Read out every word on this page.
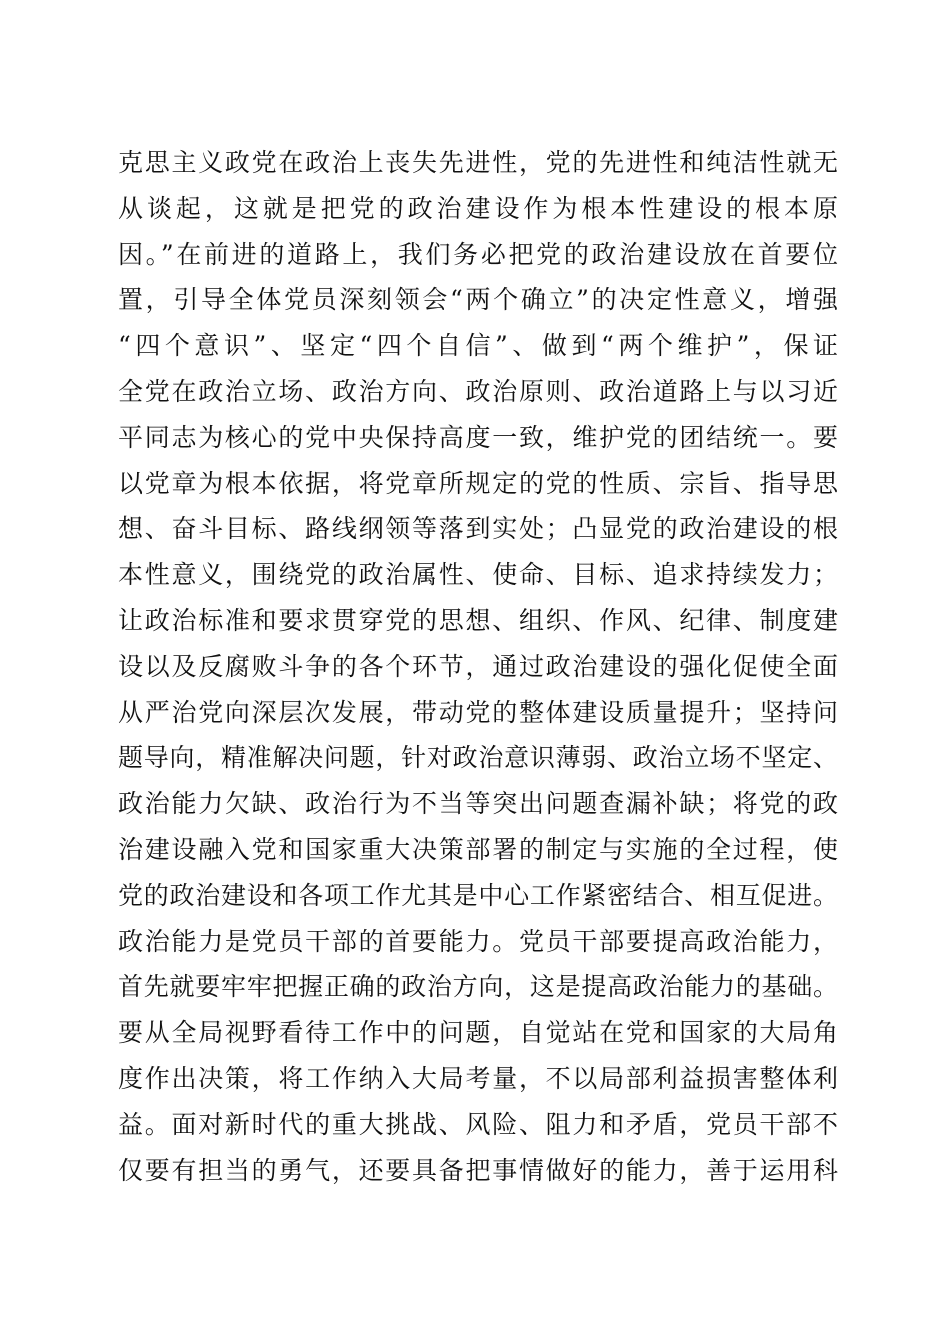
克思主义政党在政治上丧失先进性，党的先进性和纯洁性就无
从谈起，这就是把党的政治建设作为根本性建设的根本原
因。”在前进的道路上，我们务必把党的政治建设放在首要位
置，引导全体党员深刻领会“两个确立”的决定性意义，增强
“四个意识”、坚定“四个自信”、做到“两个维护”，保证
全党在政治立场、政治方向、政治原则、政治道路上与以习近
平同志为核心的党中央保持高度一致，维护党的团结统一。要
以党章为根本依据，将党章所规定的党的性质、宗旨、指导思
想、奋斗目标、路线纲领等落到实处；凸显党的政治建设的根
本性意义，围绕党的政治属性、使命、目标、追求持续发力；
让政治标准和要求贯穿党的思想、组织、作风、纪律、制度建
设以及反腐败斗争的各个环节，通过政治建设的强化促使全面
从严治党向深层次发展，带动党的整体建设质量提升；坚持问
题导向，精准解决问题，针对政治意识薄弱、政治立场不坚定、
政治能力欠缺、政治行为不当等突出问题查漏补缺；将党的政
治建设融入党和国家重大决策部署的制定与实施的全过程，使
党的政治建设和各项工作尤其是中心工作紧密结合、相互促进。
政治能力是党员干部的首要能力。党员干部要提高政治能力，
首先就要牢牢把握正确的政治方向，这是提高政治能力的基础。
要从全局视野看待工作中的问题，自觉站在党和国家的大局角
度作出决策，将工作纳入大局考量，不以局部利益损害整体利
益。面对新时代的重大挑战、风险、阻力和矛盾，党员干部不
仅要有担当的勇气，还要具备把事情做好的能力，善于运用科
